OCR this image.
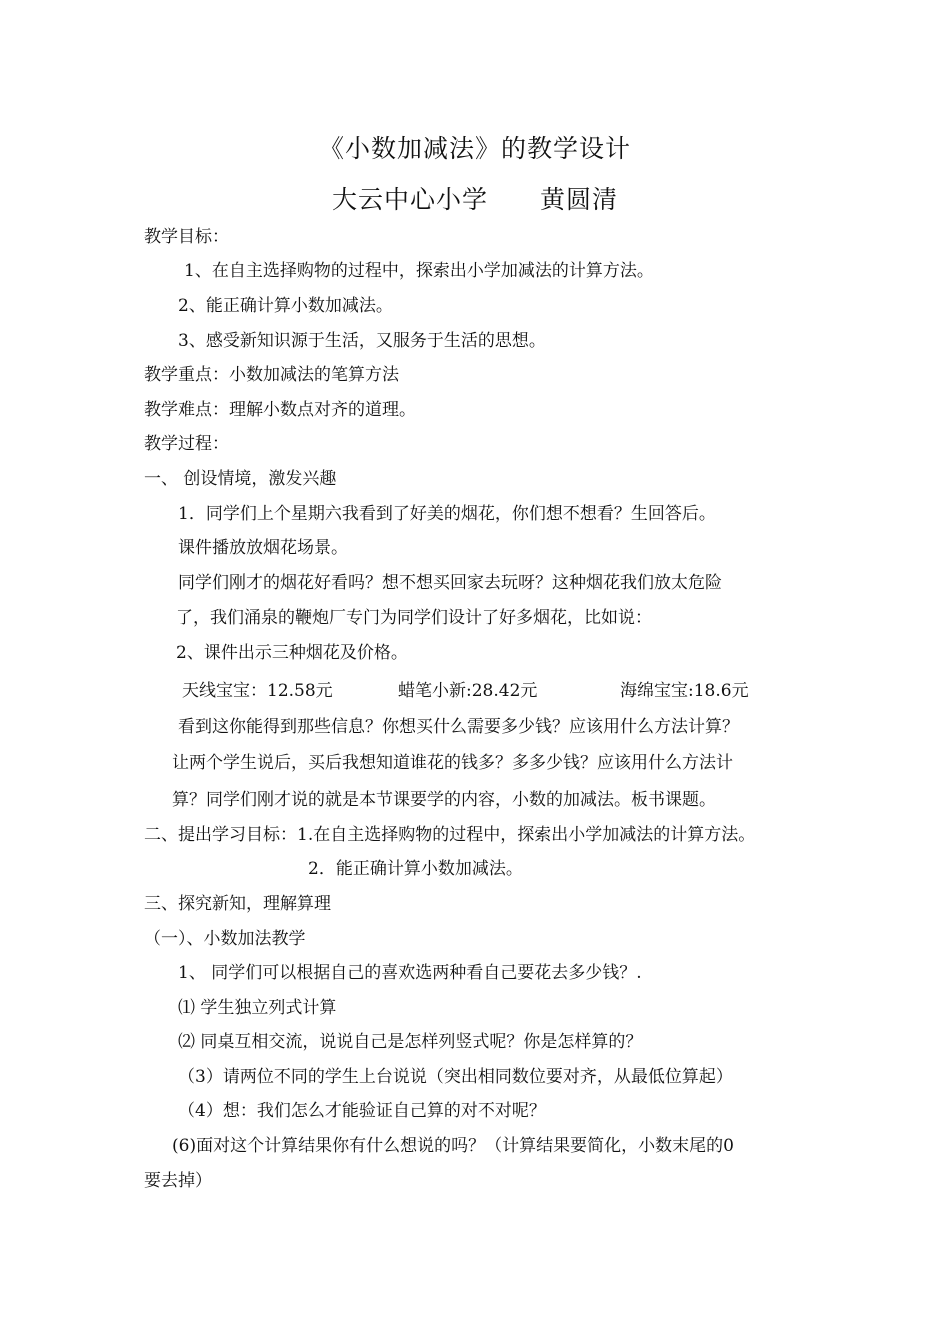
《小数加减法》的教学设计
大云中心小学　　黄圆清
教学目标：
1、在自主选择购物的过程中，探索出小学加减法的计算方法。
2、能正确计算小数加减法。
3、感受新知识源于生活，又服务于生活的思想。
教学重点：小数加减法的笔算方法
教学难点：理解小数点对齐的道理。
教学过程：
一、 创设情境，激发兴趣
1．同学们上个星期六我看到了好美的烟花，你们想不想看？生回答后。
课件播放放烟花场景。
同学们刚才的烟花好看吗？想不想买回家去玩呀？这种烟花我们放太危险
了，我们涌泉的鞭炮厂专门为同学们设计了好多烟花，比如说：
2、课件出示三种烟花及价格。
天线宝宝：12.58元	蜡笔小新:28.42元	海绵宝宝:18.6元
看到这你能得到那些信息？你想买什么需要多少钱？应该用什么方法计算？
让两个学生说后，买后我想知道谁花的钱多？多多少钱？应该用什么方法计
算？同学们刚才说的就是本节课要学的内容，小数的加减法。板书课题。
二、提出学习目标：1.在自主选择购物的过程中，探索出小学加减法的计算方法。
2．能正确计算小数加减法。
三、探究新知，理解算理
（一）、小数加法教学
1、 同学们可以根据自己的喜欢选两种看自己要花去多少钱？.
⑴ 学生独立列式计算
⑵ 同桌互相交流，说说自己是怎样列竖式呢？你是怎样算的？
（3）请两位不同的学生上台说说（突出相同数位要对齐，从最低位算起）
（4）想：我们怎么才能验证自己算的对不对呢？
(6)面对这个计算结果你有什么想说的吗？（计算结果要简化，小数末尾的0
要去掉）
